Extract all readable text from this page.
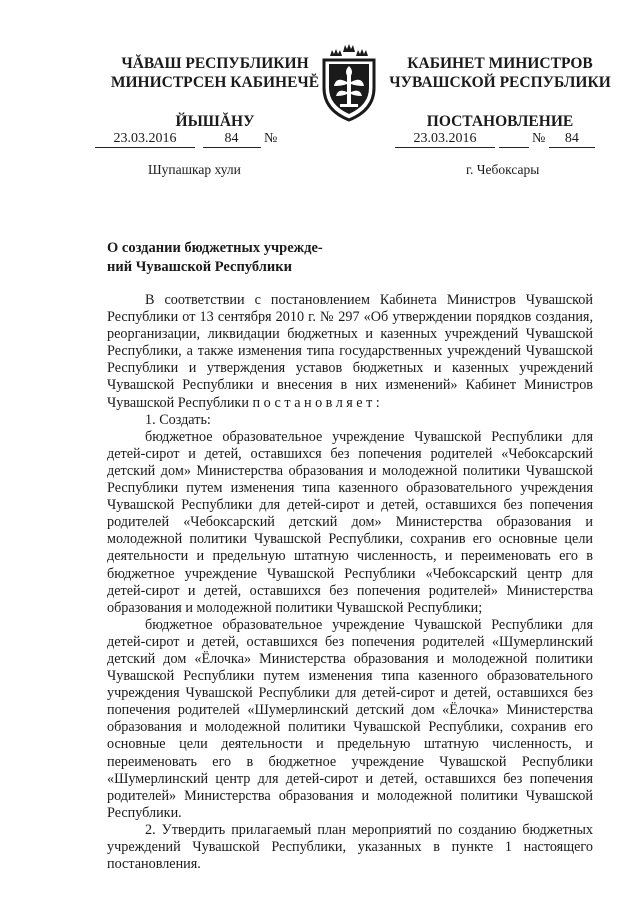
ЧĂВАШ РЕСПУБЛИКИН
МИНИСТРСЕН КАБИНЕЧĔ
ЙЫШĂНУ
КАБИНЕТ МИНИСТРОВ
ЧУВАШСКОЙ РЕСПУБЛИКИ
ПОСТАНОВЛЕНИЕ
23.03.2016	84 №	23.03.2016	№ 84
Шупашкар хули	г. Чебоксары
О создании бюджетных учрежде-
ний Чувашской Республики

В соответствии с постановлением Кабинета Министров Чувашской Республики от 13 сентября 2010 г. № 297 «Об утверждении порядков создания, реорганизации, ликвидации бюджетных и казенных учреждений Чувашской Республики, а также изменения типа государственных учреждений Чувашской Республики и утверждения уставов бюджетных и казенных учреждений Чувашской Республики и внесения в них изменений» Кабинет Министров Чувашской Республики постановляет:

1. Создать:

бюджетное образовательное учреждение Чувашской Республики для детей-сирот и детей, оставшихся без попечения родителей «Чебоксарский детский дом» Министерства образования и молодежной политики Чувашской Республики путем изменения типа казенного образовательного учреждения Чувашской Республики для детей-сирот и детей, оставшихся без попечения родителей «Чебоксарский детский дом» Министерства образования и молодежной политики Чувашской Республики, сохранив его основные цели деятельности и предельную штатную численность, и переименовать его в бюджетное учреждение Чувашской Республики «Чебоксарский центр для детей-сирот и детей, оставшихся без попечения родителей» Министерства образования и молодежной политики Чувашской Республики;

бюджетное образовательное учреждение Чувашской Республики для детей-сирот и детей, оставшихся без попечения родителей «Шумерлинский детский дом «Ёлочка» Министерства образования и молодежной политики Чувашской Республики путем изменения типа казенного образовательного учреждения Чувашской Республики для детей-сирот и детей, оставшихся без попечения родителей «Шумерлинский детский дом «Ёлочка» Министерства образования и молодежной политики Чувашской Республики, сохранив его основные цели деятельности и предельную штатную численность, и переименовать его в бюджетное учреждение Чувашской Республики «Шумерлинский центр для детей-сирот и детей, оставшихся без попечения родителей» Министерства образования и молодежной политики Чувашской Республики.

2. Утвердить прилагаемый план мероприятий по созданию бюджетных учреждений Чувашской Республики, указанных в пункте 1 настоящего постановления.
